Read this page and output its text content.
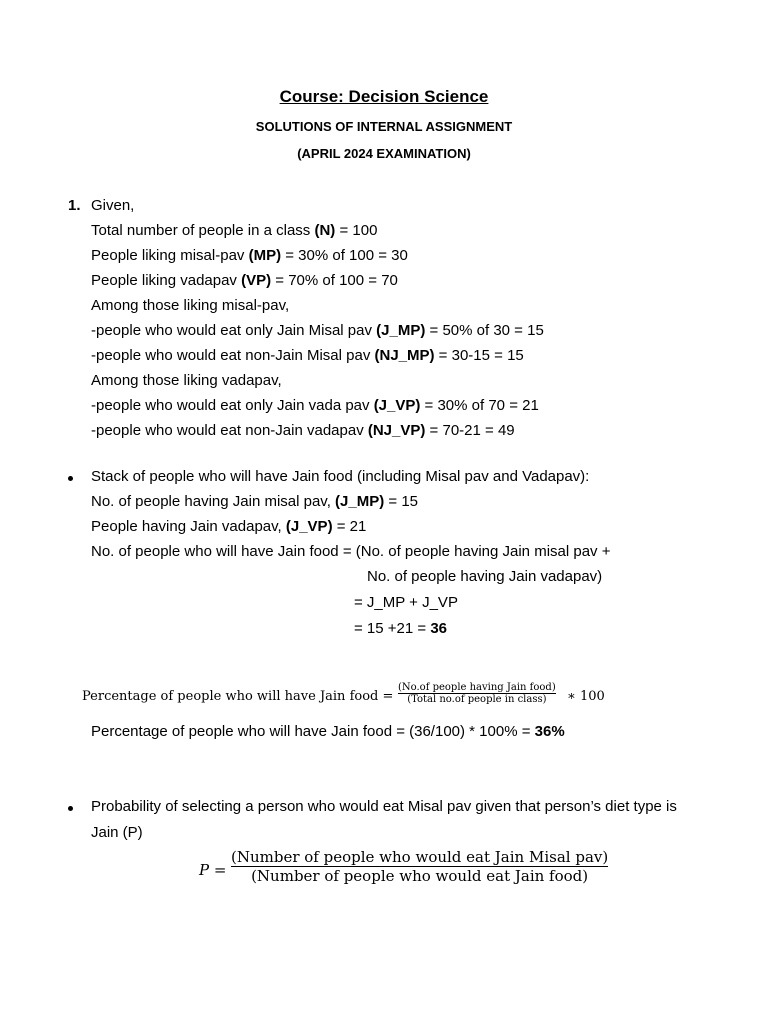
Course: Decision Science
SOLUTIONS OF INTERNAL ASSIGNMENT
(APRIL 2024 EXAMINATION)
1. Given,
Total number of people in a class (N) = 100
People liking misal-pav (MP) = 30% of 100 = 30
People liking vadapav (VP) = 70% of 100 = 70
Among those liking misal-pav,
-people who would eat only Jain Misal pav (J_MP) = 50% of 30 = 15
-people who would eat non-Jain Misal pav (NJ_MP) = 30-15 = 15
Among those liking vadapav,
-people who would eat only Jain vada pav (J_VP) = 30% of 70 = 21
-people who would eat non-Jain vadapav (NJ_VP) = 70-21 = 49
Stack of people who will have Jain food (including Misal pav and Vadapav):
No. of people having Jain misal pav, (J_MP) = 15
People having Jain vadapav, (J_VP) = 21
No. of people who will have Jain food = (No. of people having Jain misal pav +
No. of people having Jain vadapav)
= J_MP + J_VP
= 15 +21 = 36
Percentage of people who will have Jain food =
(No.of people having Jain food)
(Total no.of people in class) ∗ 100
Percentage of people who will have Jain food = (36/100) * 100% = 36%
Probability of selecting a person who would eat Misal pav given that person’s diet type is
Jain (P)
P =
(Number of people who would eat Jain Misal pav)
(Number of people who would eat Jain food)
